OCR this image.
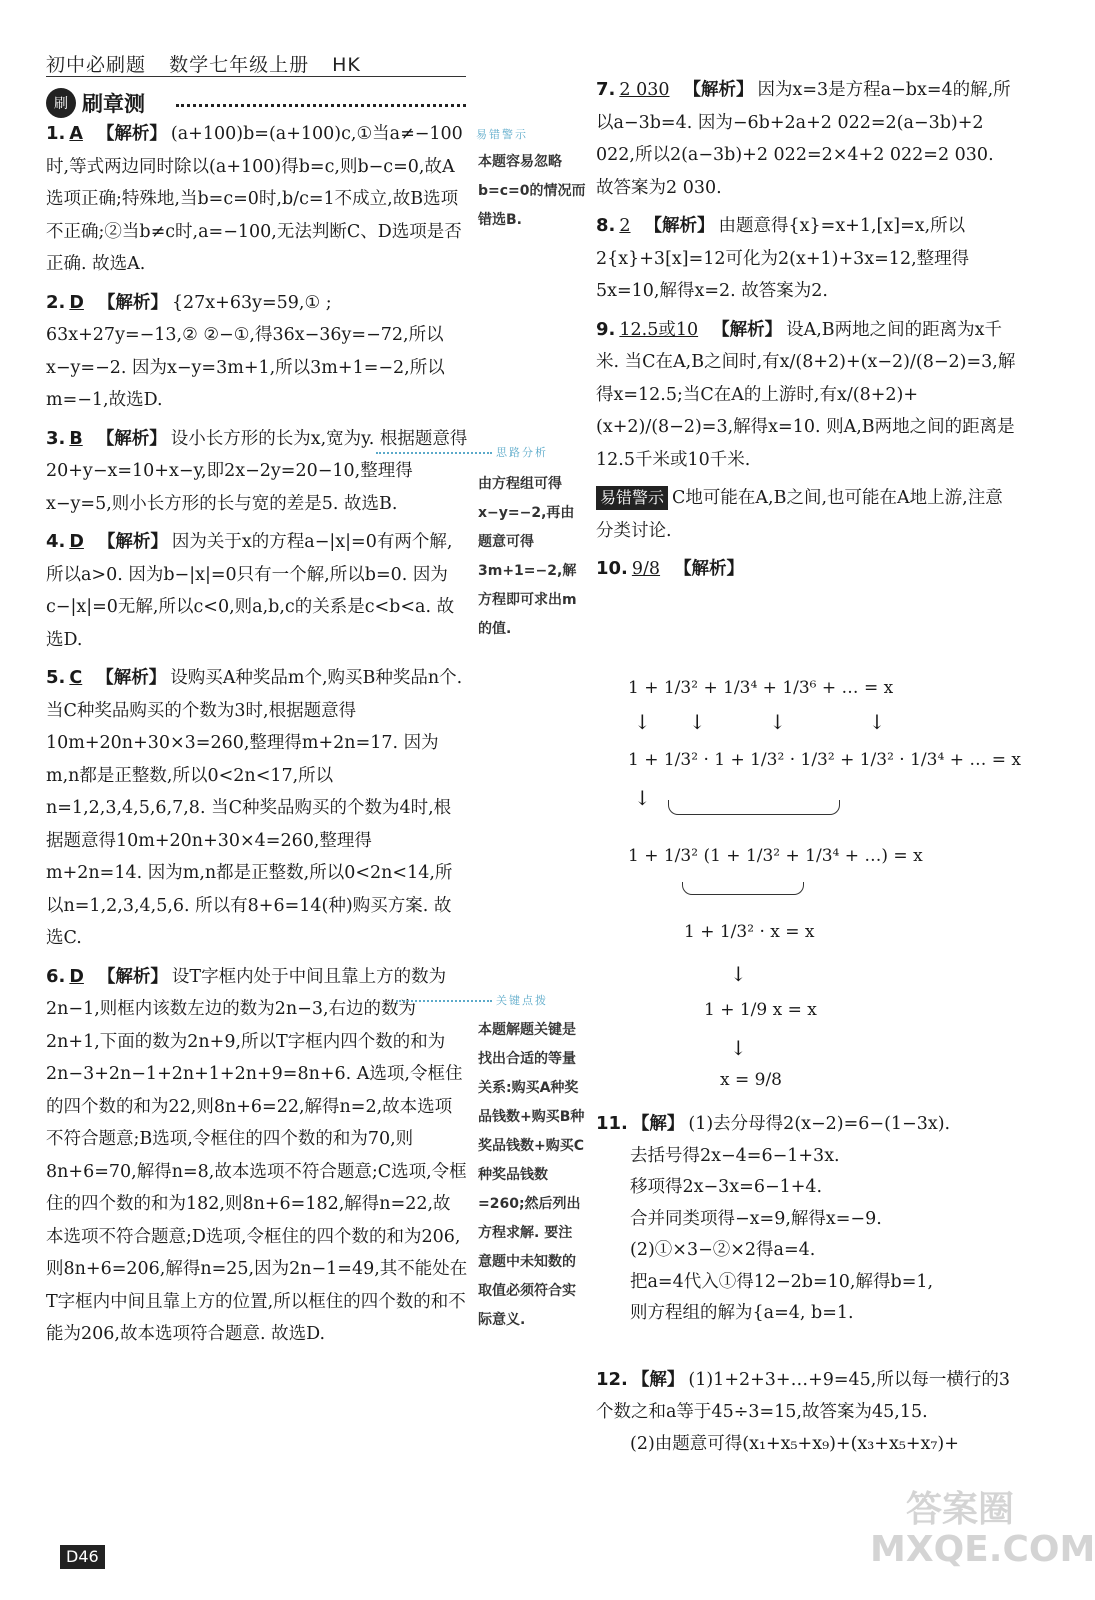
初中必刷题 数学七年级上册 HK
刷 刷章测
1. A 【解析】 (a+100)b=(a+100)c,①当a≠−100时,等式两边同时除以(a+100)得b=c,则b−c=0,故A选项正确;特殊地,当b=c=0时,b/c=1不成立,故B选项不正确;②当b≠c时,a=−100,无法判断C、D选项是否正确. 故选A.
2. D 【解析】 {27x+63y=59,① ; 63x+27y=−13,② ②−①,得36x−36y=−72,所以x−y=−2. 因为x−y=3m+1,所以3m+1=−2,所以m=−1,故选D.
3. B 【解析】 设小长方形的长为x,宽为y. 根据题意得20+y−x=10+x−y,即2x−2y=20−10,整理得x−y=5,则小长方形的长与宽的差是5. 故选B.
4. D 【解析】 因为关于x的方程a−|x|=0有两个解,所以a>0. 因为b−|x|=0只有一个解,所以b=0. 因为c−|x|=0无解,所以c<0,则a,b,c的关系是c<b<a. 故选D.
5. C 【解析】 设购买A种奖品m个,购买B种奖品n个. 当C种奖品购买的个数为3时,根据题意得10m+20n+30×3=260,整理得m+2n=17. 因为m,n都是正整数,所以0<2n<17,所以n=1,2,3,4,5,6,7,8. 当C种奖品购买的个数为4时,根据题意得10m+20n+30×4=260,整理得m+2n=14. 因为m,n都是正整数,所以0<2n<14,所以n=1,2,3,4,5,6. 所以有8+6=14(种)购买方案. 故选C.
6. D 【解析】 设T字框内处于中间且靠上方的数为2n−1,则框内该数左边的数为2n−3,右边的数为2n+1,下面的数为2n+9,所以T字框内四个数的和为2n−3+2n−1+2n+1+2n+9=8n+6. A选项,令框住的四个数的和为22,则8n+6=22,解得n=2,故本选项不符合题意;B选项,令框住的四个数的和为70,则8n+6=70,解得n=8,故本选项不符合题意;C选项,令框住的四个数的和为182,则8n+6=182,解得n=22,故本选项不符合题意;D选项,令框住的四个数的和为206,则8n+6=206,解得n=25,因为2n−1=49,其不能处在T字框内中间且靠上方的位置,所以框住的四个数的和不能为206,故本选项符合题意. 故选D.
易错警示
本题容易忽略b=c=0的情况而错选B.
思路分析
由方程组可得x−y=−2,再由题意可得3m+1=−2,解方程即可求出m的值.
关键点拨
本题解题关键是找出合适的等量关系:购买A种奖品钱数+购买B种奖品钱数+购买C种奖品钱数=260;然后列出方程求解. 要注意题中未知数的取值必须符合实际意义.
7. 2 030 【解析】 因为x=3是方程a−bx=4的解,所以a−3b=4. 因为−6b+2a+2 022=2(a−3b)+2 022,所以2(a−3b)+2 022=2×4+2 022=2 030. 故答案为2 030.
8. 2 【解析】 由题意得{x}=x+1,[x]=x,所以2{x}+3[x]=12可化为2(x+1)+3x=12,整理得5x=10,解得x=2. 故答案为2.
9. 12.5或10 【解析】 设A,B两地之间的距离为x千米. 当C在A,B之间时,有x/(8+2)+(x−2)/(8−2)=3,解得x=12.5;当C在A的上游时,有x/(8+2)+(x+2)/(8−2)=3,解得x=10. 则A,B两地之间的距离是12.5千米或10千米.
易错警示 C地可能在A,B之间,也可能在A地上游,注意分类讨论.
10. 9/8 【解析】
1 + 1/3² + 1/3⁴ + 1/3⁶ + … = x
↓      ↓          ↓             ↓
1 + 1/3² · 1 + 1/3² · 1/3² + 1/3² · 1/3⁴ + … = x
↓
1 + 1/3² (1 + 1/3² + 1/3⁴ + …) = x
1 + 1/3² · x = x
↓
1 + 1/9 x = x
↓
x = 9/8
11. 【解】 (1)去分母得2(x−2)=6−(1−3x).
去括号得2x−4=6−1+3x.
移项得2x−3x=6−1+4.
合并同类项得−x=9,解得x=−9.
(2)①×3−②×2得a=4.
把a=4代入①得12−2b=10,解得b=1,
则方程组的解为{a=4, b=1.
12. 【解】 (1)1+2+3+…+9=45,所以每一横行的3个数之和a等于45÷3=15,故答案为45,15.
(2)由题意可得(x₁+x₅+x₉)+(x₃+x₅+x₇)+
D46
答案圈 MXQE.COM
